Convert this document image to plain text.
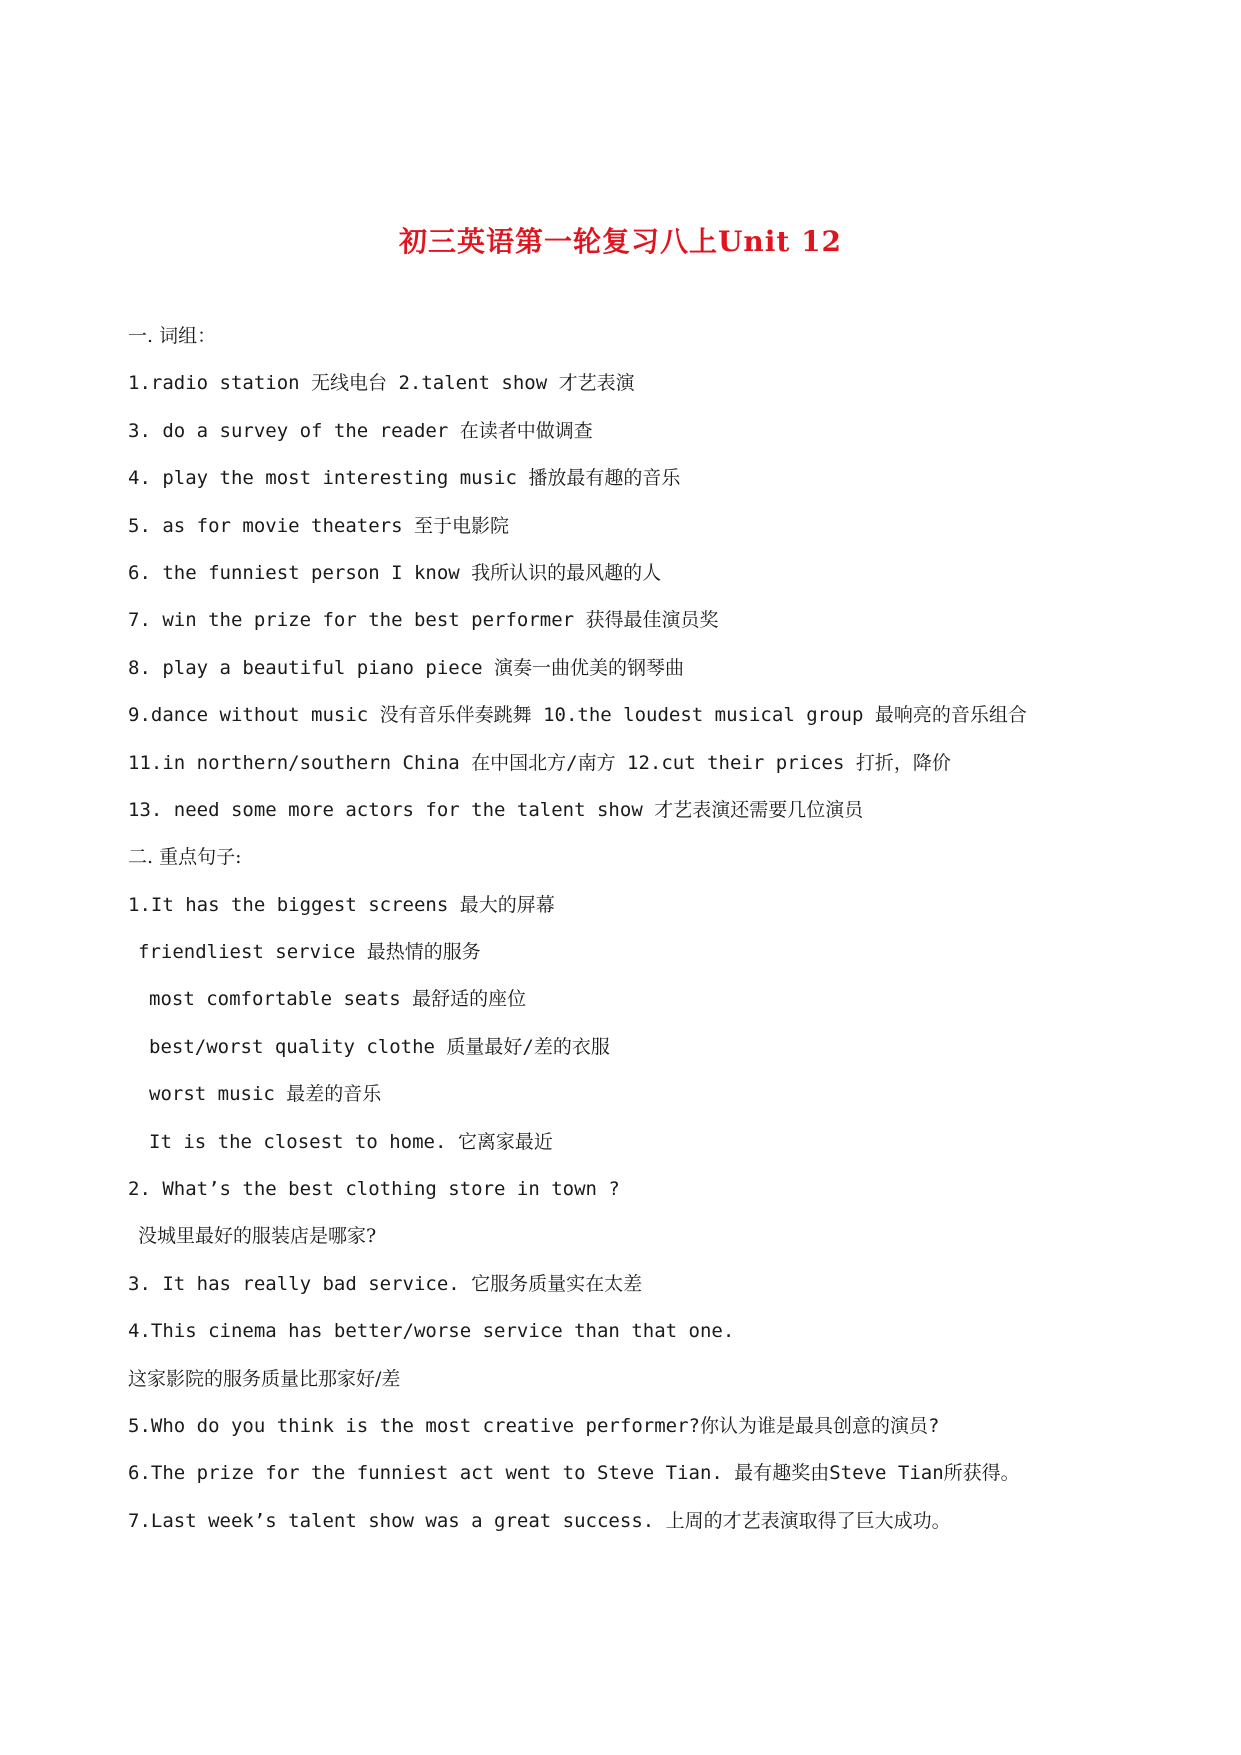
初三英语第一轮复习八上Unit 12
一. 词组：
1.radio station 无线电台 2.talent show 才艺表演
3. do a survey of the reader 在读者中做调查
4. play the most interesting music 播放最有趣的音乐
5. as for movie theaters 至于电影院
6. the funniest person I know 我所认识的最风趣的人
7. win the prize for the best performer 获得最佳演员奖
8. play a beautiful piano piece 演奏一曲优美的钢琴曲
9.dance without music 没有音乐伴奏跳舞 10.the loudest musical group 最响亮的音乐组合
11.in northern/southern China 在中国北方/南方 12.cut their prices 打折，降价
13. need some more actors for the talent show 才艺表演还需要几位演员
二. 重点句子:
1.It has the biggest screens 最大的屏幕
friendliest service 最热情的服务
most comfortable seats 最舒适的座位
best/worst quality clothe 质量最好/差的衣服
worst music 最差的音乐
It is the closest to home. 它离家最近
2. What’s the best clothing store in town ?
没城里最好的服装店是哪家?
3. It has really bad service. 它服务质量实在太差
4.This cinema has better/worse service than that one.
这家影院的服务质量比那家好/差
5.Who do you think is the most creative performer?你认为谁是最具创意的演员?
6.The prize for the funniest act went to Steve Tian. 最有趣奖由Steve Tian所获得。
7.Last week’s talent show was a great success. 上周的才艺表演取得了巨大成功。
